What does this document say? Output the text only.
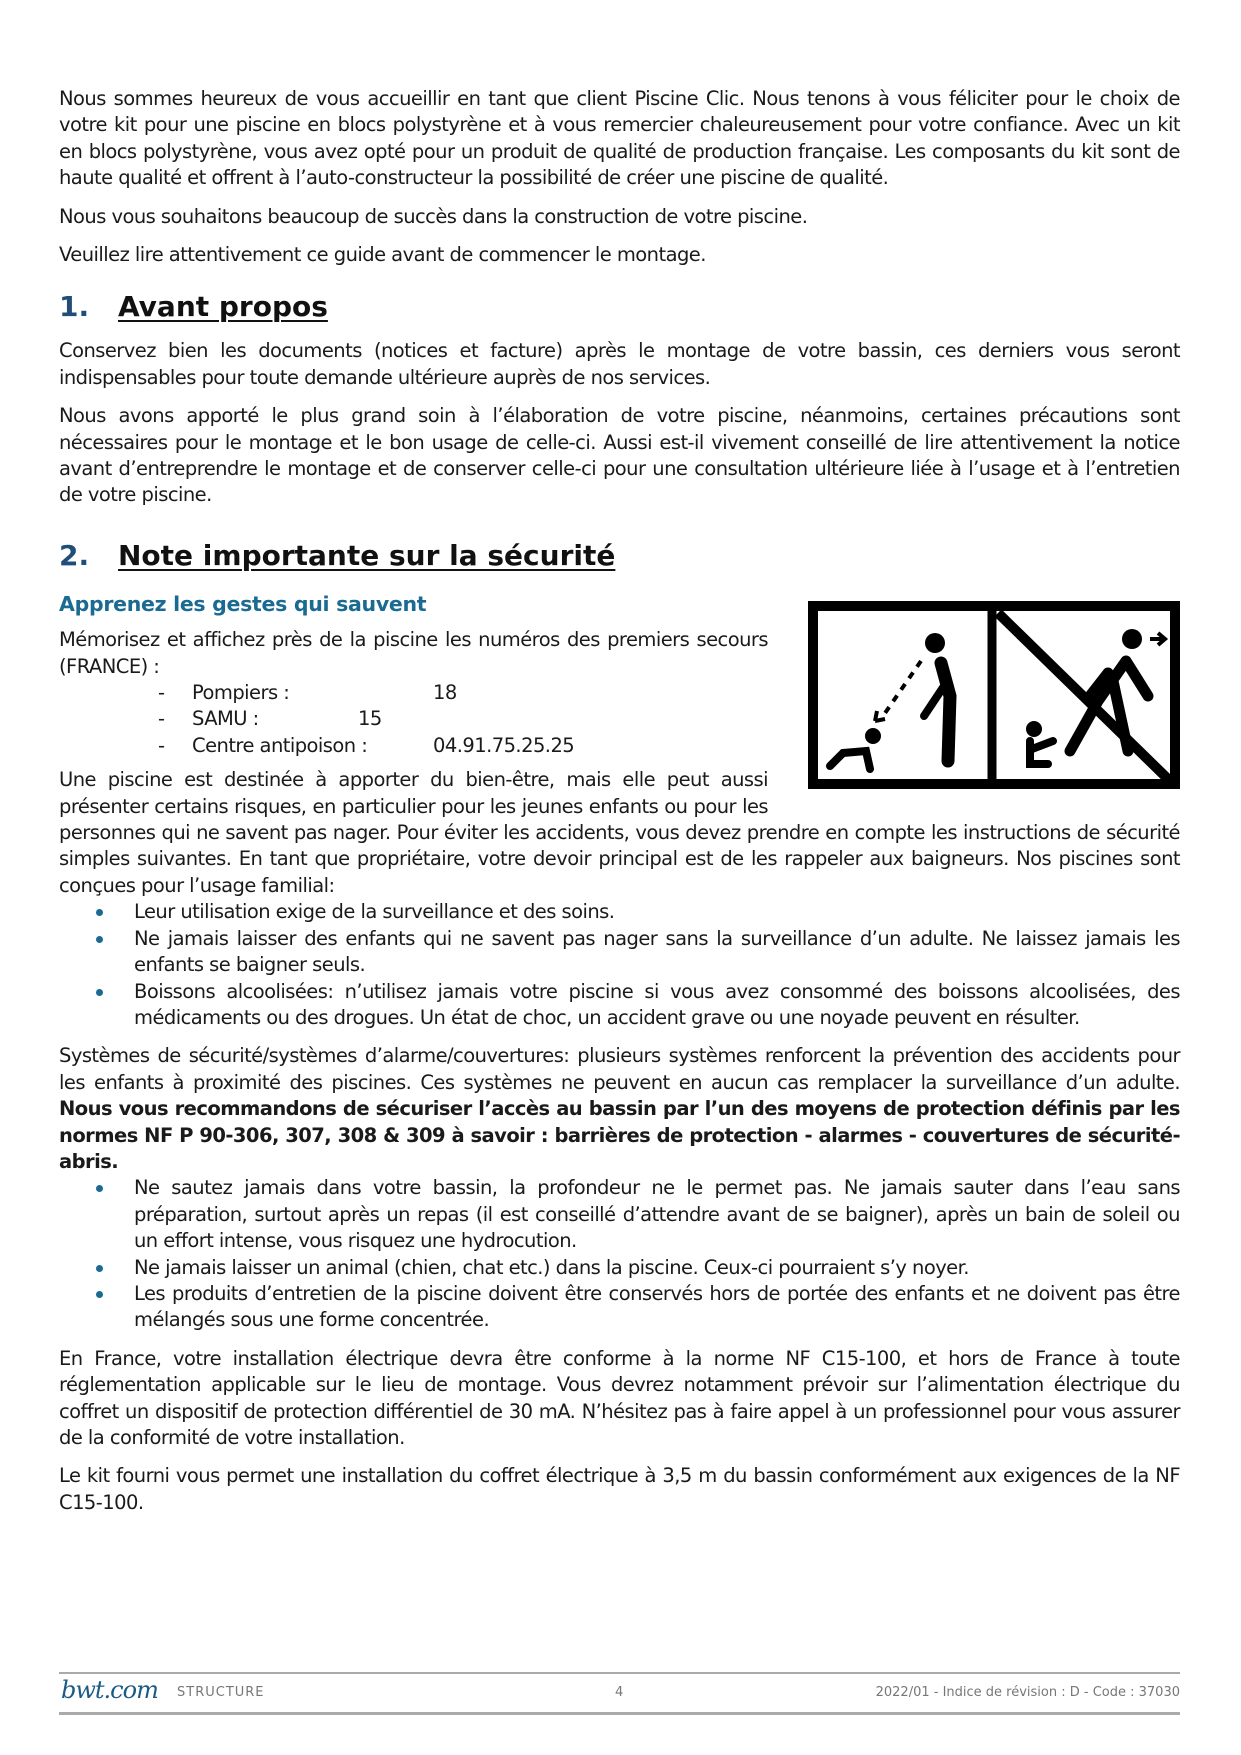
Nous sommes heureux de vous accueillir en tant que client Piscine Clic. Nous tenons à vous féliciter pour le choix de votre kit pour une piscine en blocs polystyrène et à vous remercier chaleureusement pour votre confiance. Avec un kit en blocs polystyrène, vous avez opté pour un produit de qualité de production française. Les composants du kit sont de haute qualité et offrent à l’auto-constructeur la possibilité de créer une piscine de qualité.

Nous vous souhaitons beaucoup de succès dans la construction de votre piscine.

Veuillez lire attentivement ce guide avant de commencer le montage.

1.	Avant propos

Conservez bien les documents (notices et facture) après le montage de votre bassin, ces derniers vous seront indispensables pour toute demande ultérieure auprès de nos services.

Nous avons apporté le plus grand soin à l’élaboration de votre piscine, néanmoins, certaines précautions sont nécessaires pour le montage et le bon usage de celle-ci. Aussi est-il vivement conseillé de lire attentivement la notice avant d’entreprendre le montage et de conserver celle-ci pour une consultation ultérieure liée à l’usage et à l’entretien de votre piscine.

2.	Note importante sur la sécurité
Apprenez les gestes qui sauvent

Mémorisez et affichez près de la piscine les numéros des premiers secours (FRANCE) :

- Pompiers :	18
- SAMU :	15
- Centre antipoison :	04.91.75.25.25

Une piscine est destinée à apporter du bien-être, mais elle peut aussi présenter certains risques, en particulier pour les jeunes enfants ou pour les personnes qui ne savent pas nager. Pour éviter les accidents, vous devez prendre en compte les instructions de sécurité simples suivantes. En tant que propriétaire, votre devoir principal est de les rappeler aux baigneurs. Nos piscines sont conçues pour l’usage familial:

Leur utilisation exige de la surveillance et des soins.
Ne jamais laisser des enfants qui ne savent pas nager sans la surveillance d’un adulte. Ne laissez jamais les enfants se baigner seuls.
Boissons alcoolisées: n’utilisez jamais votre piscine si vous avez consommé des boissons alcoolisées, des médicaments ou des drogues. Un état de choc, un accident grave ou une noyade peuvent en résulter.

Systèmes de sécurité/systèmes d’alarme/couvertures: plusieurs systèmes renforcent la prévention des accidents pour les enfants à proximité des piscines. Ces systèmes ne peuvent en aucun cas remplacer la surveillance d’un adulte. Nous vous recommandons de sécuriser l’accès au bassin par l’un des moyens de protection définis par les normes NF P 90-306, 307, 308 & 309 à savoir : barrières de protection - alarmes - couvertures de sécurité- abris.

Ne sautez jamais dans votre bassin, la profondeur ne le permet pas. Ne jamais sauter dans l’eau sans préparation, surtout après un repas (il est conseillé d’attendre avant de se baigner), après un bain de soleil ou un effort intense, vous risquez une hydrocution.
Ne jamais laisser un animal (chien, chat etc.) dans la piscine. Ceux-ci pourraient s’y noyer.
Les produits d’entretien de la piscine doivent être conservés hors de portée des enfants et ne doivent pas être mélangés sous une forme concentrée.

En France, votre installation électrique devra être conforme à la norme NF C15-100, et hors de France à toute réglementation applicable sur le lieu de montage. Vous devrez notamment prévoir sur l’alimentation électrique du coffret un dispositif de protection différentiel de 30 mA. N’hésitez pas à faire appel à un professionnel pour vous assurer de la conformité de votre installation.

Le kit fourni vous permet une installation du coffret électrique à 3,5 m du bassin conformément aux exigences de la NF C15-100.

bwt.com STRUCTURE	4	2022/01 - Indice de révision : D - Code : 37030
